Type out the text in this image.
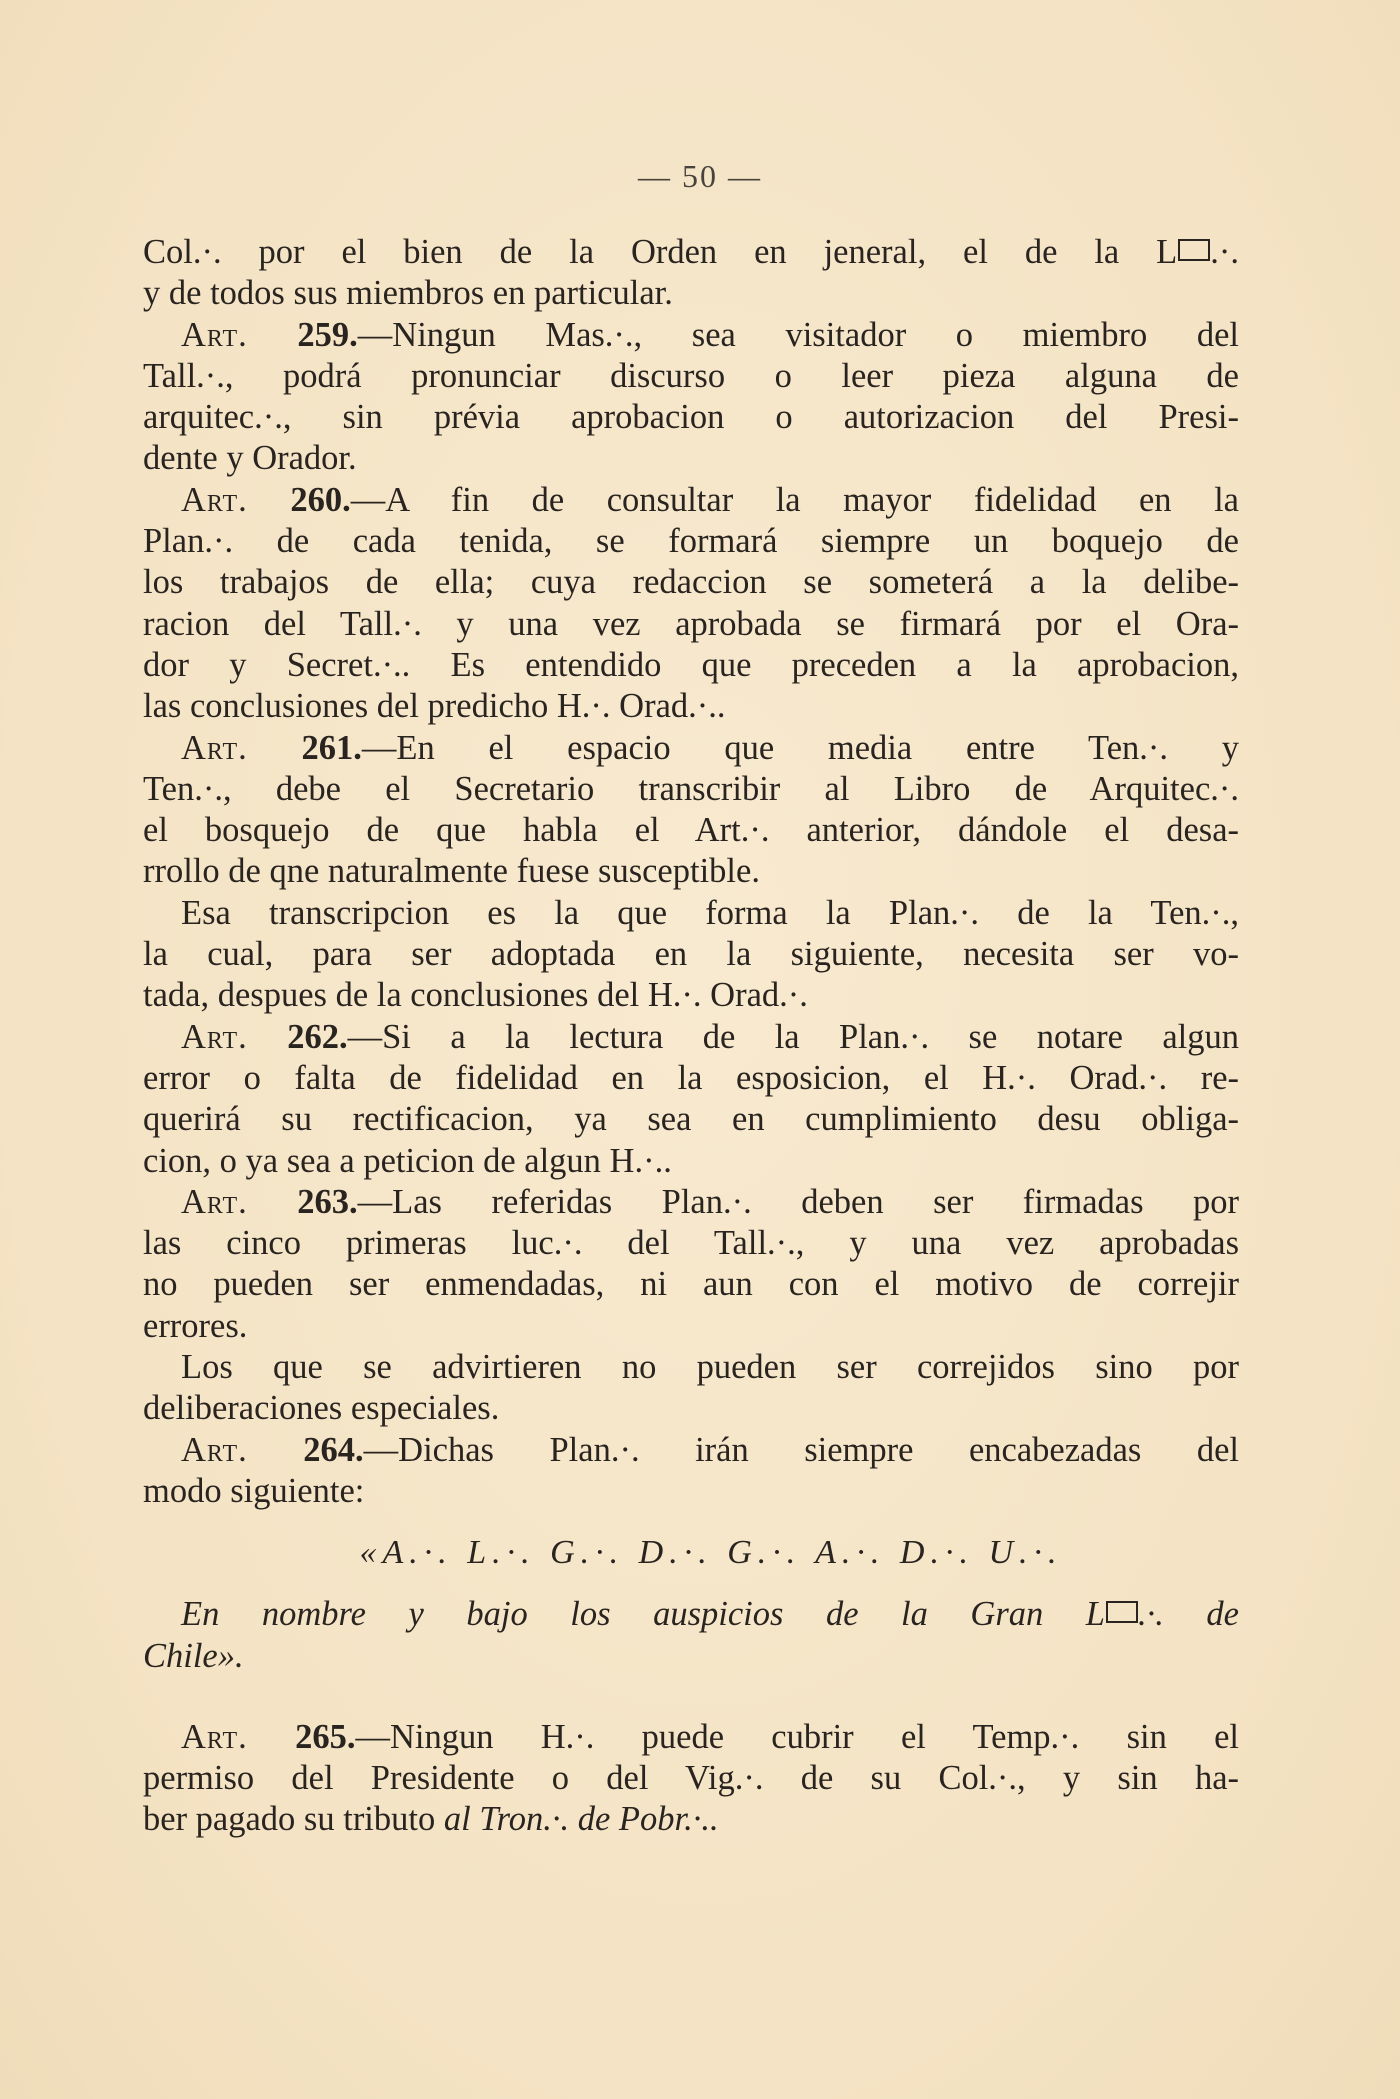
— 50 —
Col.·. por el bien de la Orden en jeneral, el de la L .·.
y de todos sus miembros en particular.
Art. 259.—Ningun Mas.·., sea visitador o miembro del
Tall.·., podrá pronunciar discurso o leer pieza alguna de
arquitec.·., sin prévia aprobacion o autorizacion del Presi-
dente y Orador.
Art. 260.—A fin de consultar la mayor fidelidad en la
Plan.·. de cada tenida, se formará siempre un boquejo de
los trabajos de ella; cuya redaccion se someterá a la delibe-
racion del Tall.·. y una vez aprobada se firmará por el Ora-
dor y Secret.·.. Es entendido que preceden a la aprobacion,
las conclusiones del predicho H.·. Orad.·..
Art. 261.—En el espacio que media entre Ten.·. y
Ten.·., debe el Secretario transcribir al Libro de Arquitec.·.
el bosquejo de que habla el Art.·. anterior, dándole el desa-
rrollo de qne naturalmente fuese susceptible.
Esa transcripcion es la que forma la Plan.·. de la Ten.·.,
la cual, para ser adoptada en la siguiente, necesita ser vo-
tada, despues de la conclusiones del H.·. Orad.·.
Art. 262.—Si a la lectura de la Plan.·. se notare algun
error o falta de fidelidad en la esposicion, el H.·. Orad.·. re-
querirá su rectificacion, ya sea en cumplimiento desu obliga-
cion, o ya sea a peticion de algun H.·..
Art. 263.—Las referidas Plan.·. deben ser firmadas por
las cinco primeras luc.·. del Tall.·., y una vez aprobadas
no pueden ser enmendadas, ni aun con el motivo de correjir
errores.
Los que se advirtieren no pueden ser correjidos sino por
deliberaciones especiales.
Art. 264.—Dichas Plan.·. irán siempre encabezadas del
modo siguiente:
«A.·. L.·. G.·. D.·. G.·. A.·. D.·. U.·.
En nombre y bajo los auspicios de la Gran L .·. de
Chile».
Art. 265.—Ningun H.·. puede cubrir el Temp.·. sin el
permiso del Presidente o del Vig.·. de su Col.·., y sin ha-
ber pagado su tributo al Tron.·. de Pobr.·..
